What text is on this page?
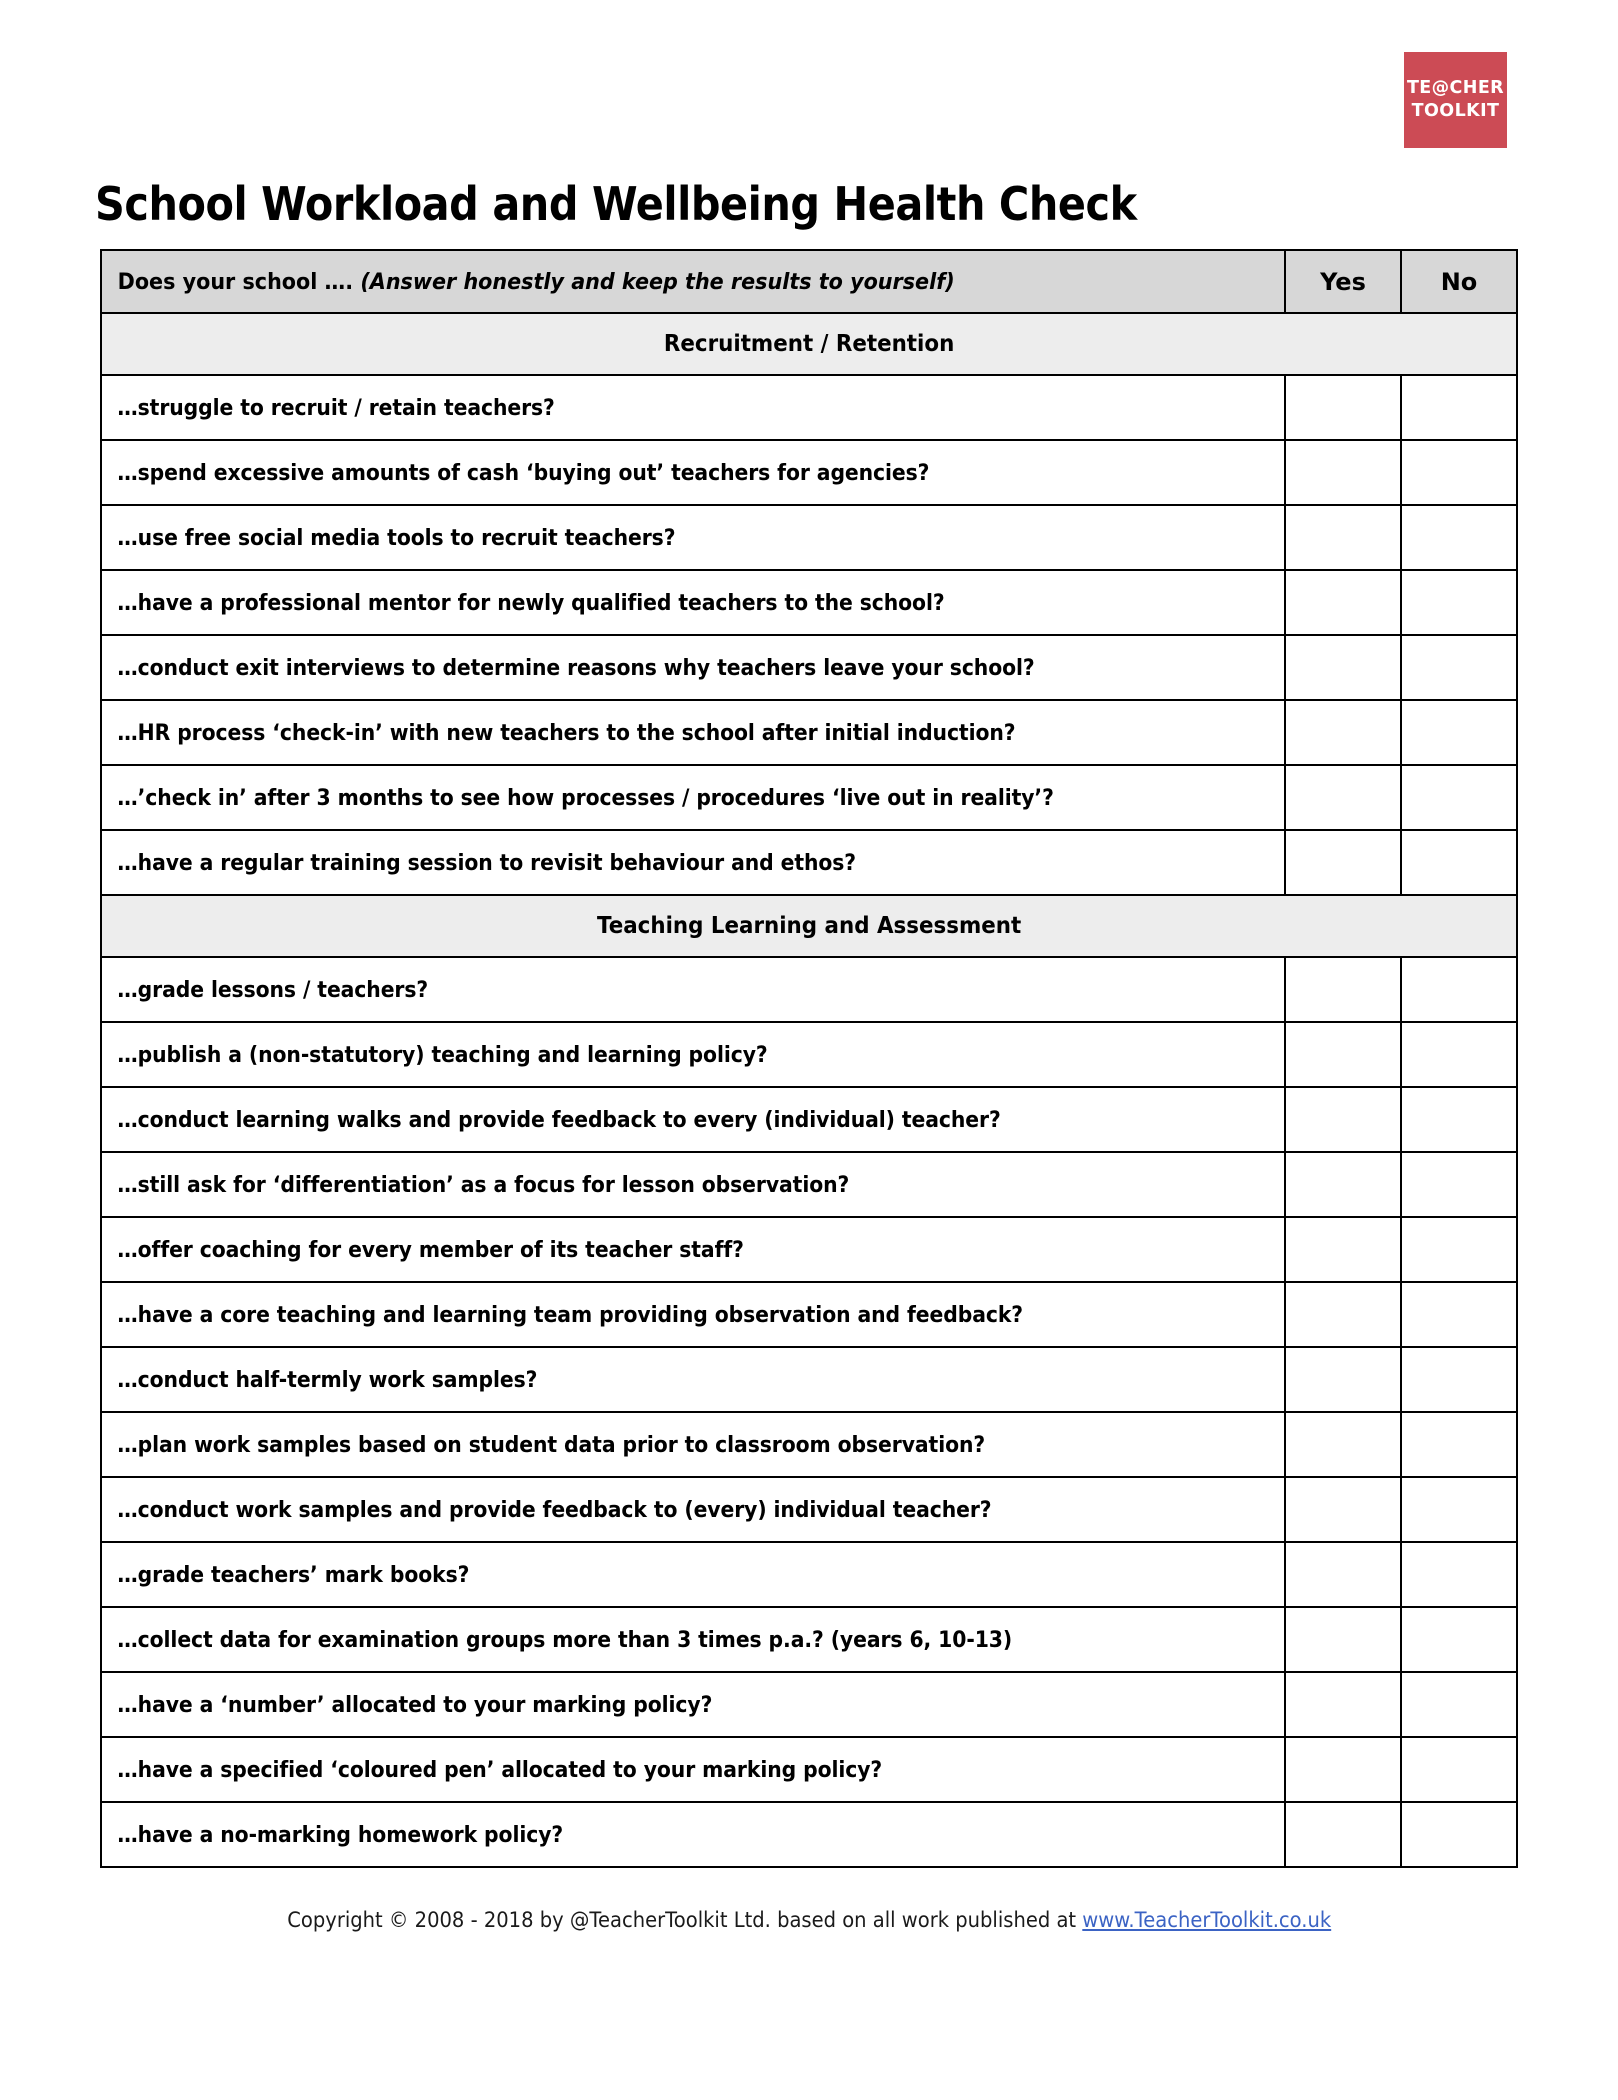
TE@CHER
TOOLKIT
School Workload and Wellbeing Health Check
Does your school …. (Answer honestly and keep the results to yourself)	Yes	No
Recruitment / Retention		

…struggle to recruit / retain teachers?		

…spend excessive amounts of cash ‘buying out’ teachers for agencies?		

…use free social media tools to recruit teachers?		

…have a professional mentor for newly qualified teachers to the school?		

…conduct exit interviews to determine reasons why teachers leave your school?		

…HR process ‘check-in’ with new teachers to the school after initial induction?		

…’check in’ after 3 months to see how processes / procedures ‘live out in reality’?		

…have a regular training session to revisit behaviour and ethos?		

Teaching Learning and Assessment		

…grade lessons / teachers?		

…publish a (non-statutory) teaching and learning policy?		

…conduct learning walks and provide feedback to every (individual) teacher?		

…still ask for ‘differentiation’ as a focus for lesson observation?		

…offer coaching for every member of its teacher staff?		

…have a core teaching and learning team providing observation and feedback?		

…conduct half-termly work samples?		

…plan work samples based on student data prior to classroom observation?		

…conduct work samples and provide feedback to (every) individual teacher?		

…grade teachers’ mark books?		

…collect data for examination groups more than 3 times p.a.? (years 6, 10-13)		

…have a ‘number’ allocated to your marking policy?		

…have a specified ‘coloured pen’ allocated to your marking policy?		

…have a no-marking homework policy?		

Copyright © 2008 - 2018 by @TeacherToolkit Ltd. based on all work published at www.TeacherToolkit.co.uk
